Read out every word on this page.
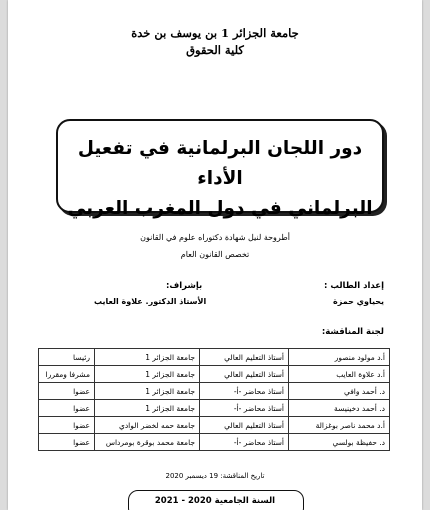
جامعة الجزائر 1 بن يوسف بن خدة
كلية الحقوق
دور اللجان البرلمانية في تفعيل الأداء
البرلماني في دول المغرب العربي
أطروحة لنيل شهادة دكتوراه علوم في القانون
تخصص القانون العام
إعداد الطالب :
بإشراف:
يحياوي حمزة
الأستاذ الدكتور. علاوة العايب
لجنة المناقشة:
أ.د مولود منصور	أستاذ التعليم العالي	جامعة الجزائر 1	رئيسا
أ.د علاوة العايب	أستاذ التعليم العالي	جامعة الجزائر 1	مشرفا ومقررا
د. أحمد وافي	أستاذ محاضر -أ-	جامعة الجزائر 1	عضوا
د. أحمد دخينيسة	أستاذ محاضر -أ-	جامعة الجزائر 1	عضوا
أ.د محمد ناصر بوغزالة	أستاذ التعليم العالي	جامعة حمه لخضر الوادي	عضوا
د. حفيظة بولسي	أستاذ محاضر -أ-	جامعة محمد بوقرة بومرداس	عضوا
تاريخ المناقشة: 19 ديسمبر 2020
السنة الجامعية 2020 - 2021
